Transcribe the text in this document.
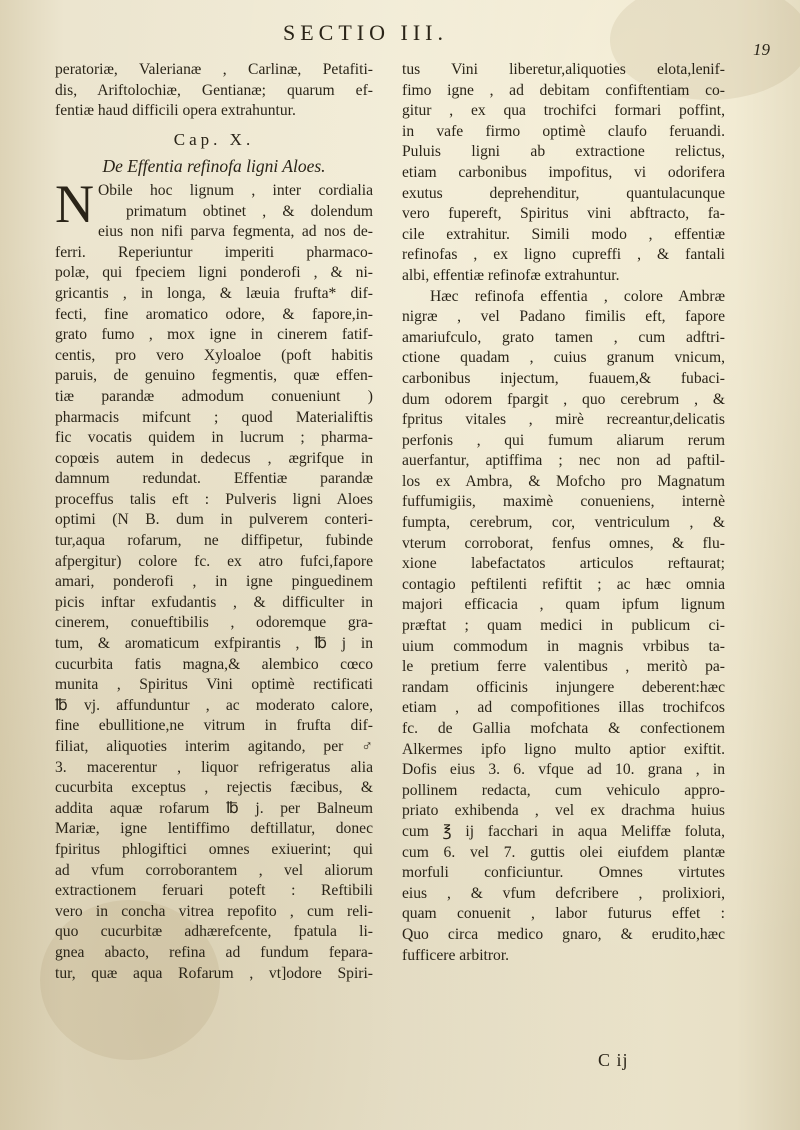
SECTIO III.
19
peratoriæ, Valerianæ , Carlinæ, Petafiti-
dis, Ariftolochiæ, Gentianæ; quarum ef-
fentiæ haud difficili opera extrahuntur.
Cap. X.
De Effentia refinofa ligni Aloes.
N Obile hoc lignum , inter cordialia
primatum obtinet , & dolendum
eius non nifi parva fegmenta, ad nos de-
ferri. Reperiuntur imperiti pharmaco-
polæ, qui fpeciem ligni ponderofi , & ni-
gricantis , in longa, & læuia frufta* dif-
fecti, fine aromatico odore, & fapore,in-
grato fumo , mox igne in cinerem fatif-
centis, pro vero Xyloaloe (poft habitis
paruis, de genuino fegmentis, quæ effen-
tiæ parandæ admodum conueniunt )
pharmacis mifcunt ; quod Materialiftis
fic vocatis quidem in lucrum ; pharma-
copœis autem in dedecus , ægrifque in
damnum redundat. Effentiæ parandæ
proceffus talis eft : Pulveris ligni Aloes
optimi (N B. dum in pulverem conteri-
tur,aqua rofarum, ne diffipetur, fubinde
afpergitur) colore fc. ex atro fufci,fapore
amari, ponderofi , in igne pinguedinem
picis inftar exfudantis , & difficulter in
cinerem, conueftibilis , odoremque gra-
tum, & aromaticum exfpirantis , ℔ j in
cucurbita fatis magna,& alembico cœco
munita , Spiritus Vini optimè rectificati
℔ vj. affunduntur , ac moderato calore,
fine ebullitione,ne vitrum in frufta dif-
filiat, aliquoties interim agitando, per ♂
3. macerentur , liquor refrigeratus alia
cucurbita exceptus , rejectis fæcibus, &
addita aquæ rofarum ℔ j. per Balneum
Mariæ, igne lentiffimo deftillatur, donec
fpiritus phlogiftici omnes exiuerint; qui
ad vfum corroborantem , vel aliorum
extractionem feruari poteft : Reftibili
vero in concha vitrea repofito , cum reli-
quo cucurbitæ adhærefcente, fpatula li-
gnea abacto, refina ad fundum fepara-
tur, quæ aqua Rofarum , vt]odore Spiri-
tus Vini liberetur,aliquoties elota,lenif-
fimo igne , ad debitam confiftentiam co-
gitur , ex qua trochifci formari poffint,
in vafe firmo optimè claufo feruandi.
Puluis ligni ab extractione relictus,
etiam carbonibus impofitus, vi odorifera
exutus deprehenditur, quantulacunque
vero fupereft, Spiritus vini abftracto, fa-
cile extrahitur. Simili modo , effentiæ
refinofas , ex ligno cupreffi , & fantali
albi, effentiæ refinofæ extrahuntur.
Hæc refinofa effentia , colore Ambræ
nigræ , vel Padano fimilis eft, fapore
amariufculo, grato tamen , cum adftri-
ctione quadam , cuius granum vnicum,
carbonibus injectum, fuauem,& fubaci-
dum odorem fpargit , quo cerebrum , &
fpritus vitales , mirè recreantur,delicatis
perfonis , qui fumum aliarum rerum
auerfantur, aptiffima ; nec non ad paftil-
los ex Ambra, & Mofcho pro Magnatum
fuffumigiis, maximè conueniens, internè
fumpta, cerebrum, cor, ventriculum , &
vterum corroborat, fenfus omnes, & flu-
xione labefactatos articulos reftaurat;
contagio peftilenti refiftit ; ac hæc omnia
majori efficacia , quam ipfum lignum
præftat ; quam medici in publicum ci-
uium commodum in magnis vrbibus ta-
le pretium ferre valentibus , meritò pa-
randam officinis injungere deberent:hæc
etiam , ad compofitiones illas trochifcos
fc. de Gallia mofchata & confectionem
Alkermes ipfo ligno multo aptior exiftit.
Dofis eius 3. 6. vfque ad 10. grana , in
pollinem redacta, cum vehiculo appro-
priato exhibenda , vel ex drachma huius
cum ℥ ij facchari in aqua Meliffæ foluta,
cum 6. vel 7. guttis olei eiufdem plantæ
morfuli conficiuntur. Omnes virtutes
eius , & vfum defcribere , prolixiori,
quam conuenit , labor futurus effet :
Quo circa medico gnaro, & erudito,hæc
fufficere arbitror.
C ij
